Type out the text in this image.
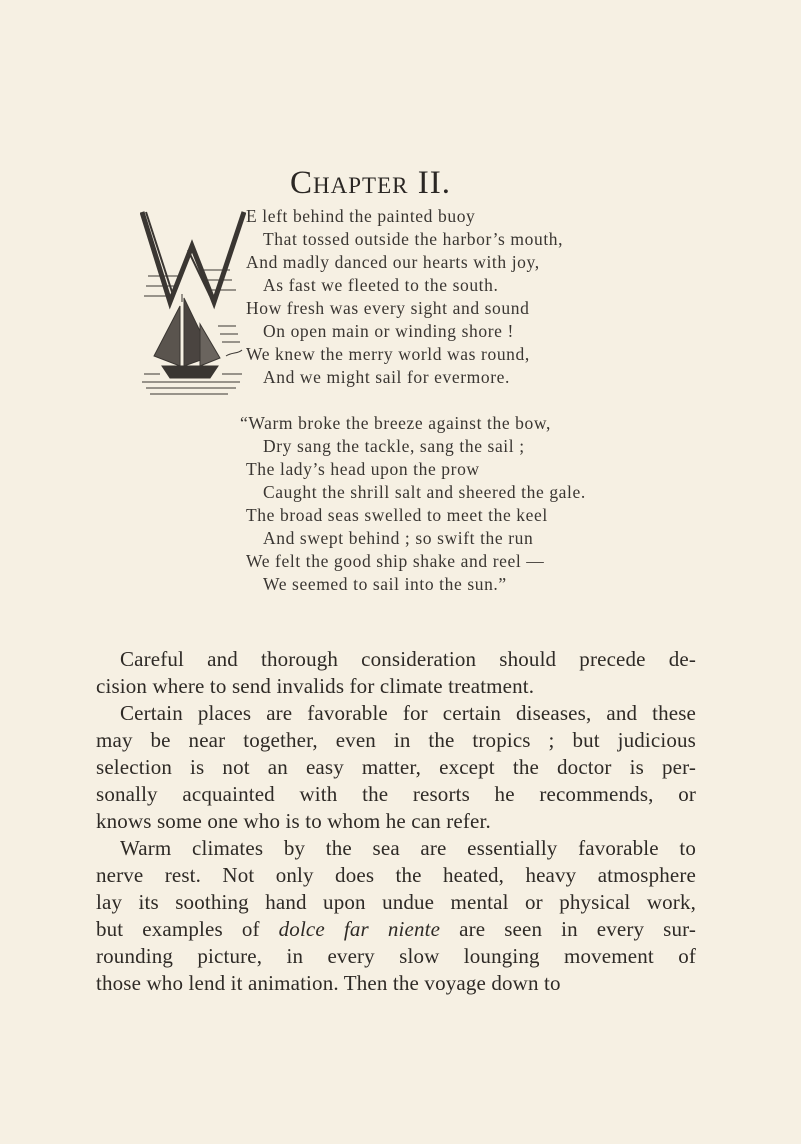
Chapter II.
E left behind the painted buoy
That tossed outside the harbor’s mouth,
And madly danced our hearts with joy,
As fast we fleeted to the south.
How fresh was every sight and sound
On open main or winding shore !
We knew the merry world was round,
And we might sail for evermore.
“Warm broke the breeze against the bow,
Dry sang the tackle, sang the sail ;
The lady’s head upon the prow
Caught the shrill salt and sheered the gale.
The broad seas swelled to meet the keel
And swept behind ; so swift the run
We felt the good ship shake and reel —
We seemed to sail into the sun.”

Careful and thorough consideration should precede de-

cision where to send invalids for climate treatment.

Certain places are favorable for certain diseases, and these

may be near together, even in the tropics ; but judicious

selection is not an easy matter, except the doctor is per-

sonally acquainted with the resorts he recommends, or

knows some one who is to whom he can refer.

Warm climates by the sea are essentially favorable to

nerve rest. Not only does the heated, heavy atmosphere

lay its soothing hand upon undue mental or physical work,

but examples of dolce far niente are seen in every sur-

rounding picture, in every slow lounging movement of

those who lend it animation. Then the voyage down to
